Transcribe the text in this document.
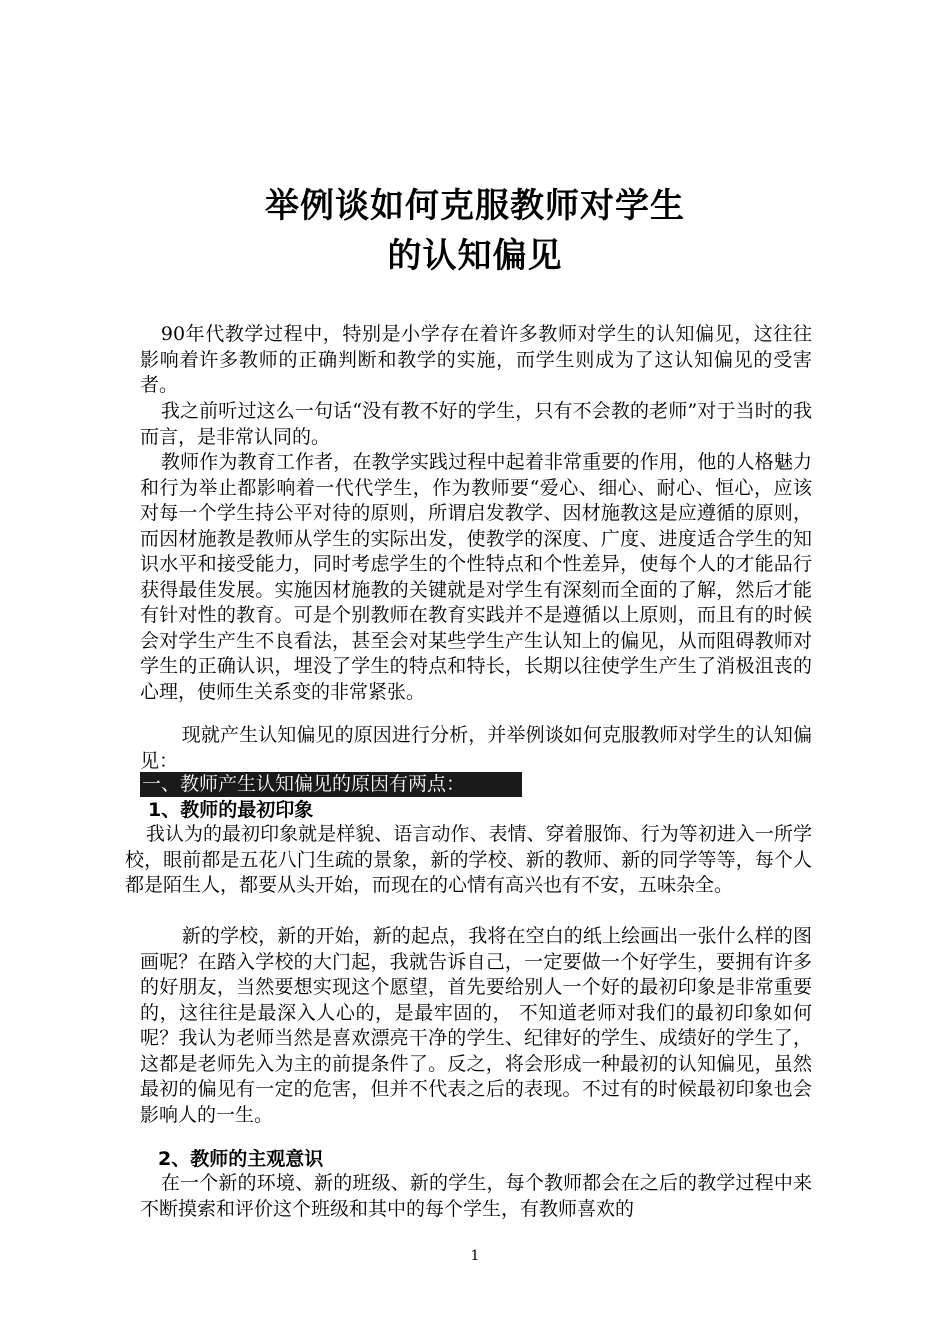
举例谈如何克服教师对学生
的认知偏见
90年代教学过程中，特别是小学存在着许多教师对学生的认知偏见，这往往影响着许多教师的正确判断和教学的实施，而学生则成为了这认知偏见的受害者。
我之前听过这么一句话“没有教不好的学生，只有不会教的老师”对于当时的我而言，是非常认同的。
教师作为教育工作者，在教学实践过程中起着非常重要的作用，他的人格魅力和行为举止都影响着一代代学生，作为教师要“爱心、细心、耐心、恒心，应该对每一个学生持公平对待的原则，所谓启发教学、因材施教这是应遵循的原则，而因材施教是教师从学生的实际出发，使教学的深度、广度、进度适合学生的知识水平和接受能力，同时考虑学生的个性特点和个性差异，使每个人的才能品行获得最佳发展。实施因材施教的关键就是对学生有深刻而全面的了解，然后才能有针对性的教育。可是个别教师在教育实践并不是遵循以上原则，而且有的时候会对学生产生不良看法，甚至会对某些学生产生认知上的偏见，从而阻碍教师对学生的正确认识，埋没了学生的特点和特长，长期以往使学生产生了消极沮丧的心理，使师生关系变的非常紧张。
现就产生认知偏见的原因进行分析，并举例谈如何克服教师对学生的认知偏见：
一、教师产生认知偏见的原因有两点：
1、教师的最初印象
我认为的最初印象就是样貌、语言动作、表情、穿着服饰、行为等初进入一所学校，眼前都是五花八门生疏的景象，新的学校、新的教师、新的同学等等，每个人都是陌生人，都要从头开始，而现在的心情有高兴也有不安，五味杂全。
新的学校，新的开始，新的起点，我将在空白的纸上绘画出一张什么样的图画呢？在踏入学校的大门起，我就告诉自己，一定要做一个好学生，要拥有许多的好朋友，当然要想实现这个愿望，首先要给别人一个好的最初印象是非常重要的，这往往是最深入人心的，是最牢固的， 不知道老师对我们的最初印象如何呢？我认为老师当然是喜欢漂亮干净的学生、纪律好的学生、成绩好的学生了，这都是老师先入为主的前提条件了。反之，将会形成一种最初的认知偏见，虽然最初的偏见有一定的危害，但并不代表之后的表现。不过有的时候最初印象也会影响人的一生。
2、教师的主观意识
在一个新的环境、新的班级、新的学生，每个教师都会在之后的教学过程中来不断摸索和评价这个班级和其中的每个学生，有教师喜欢的
1
